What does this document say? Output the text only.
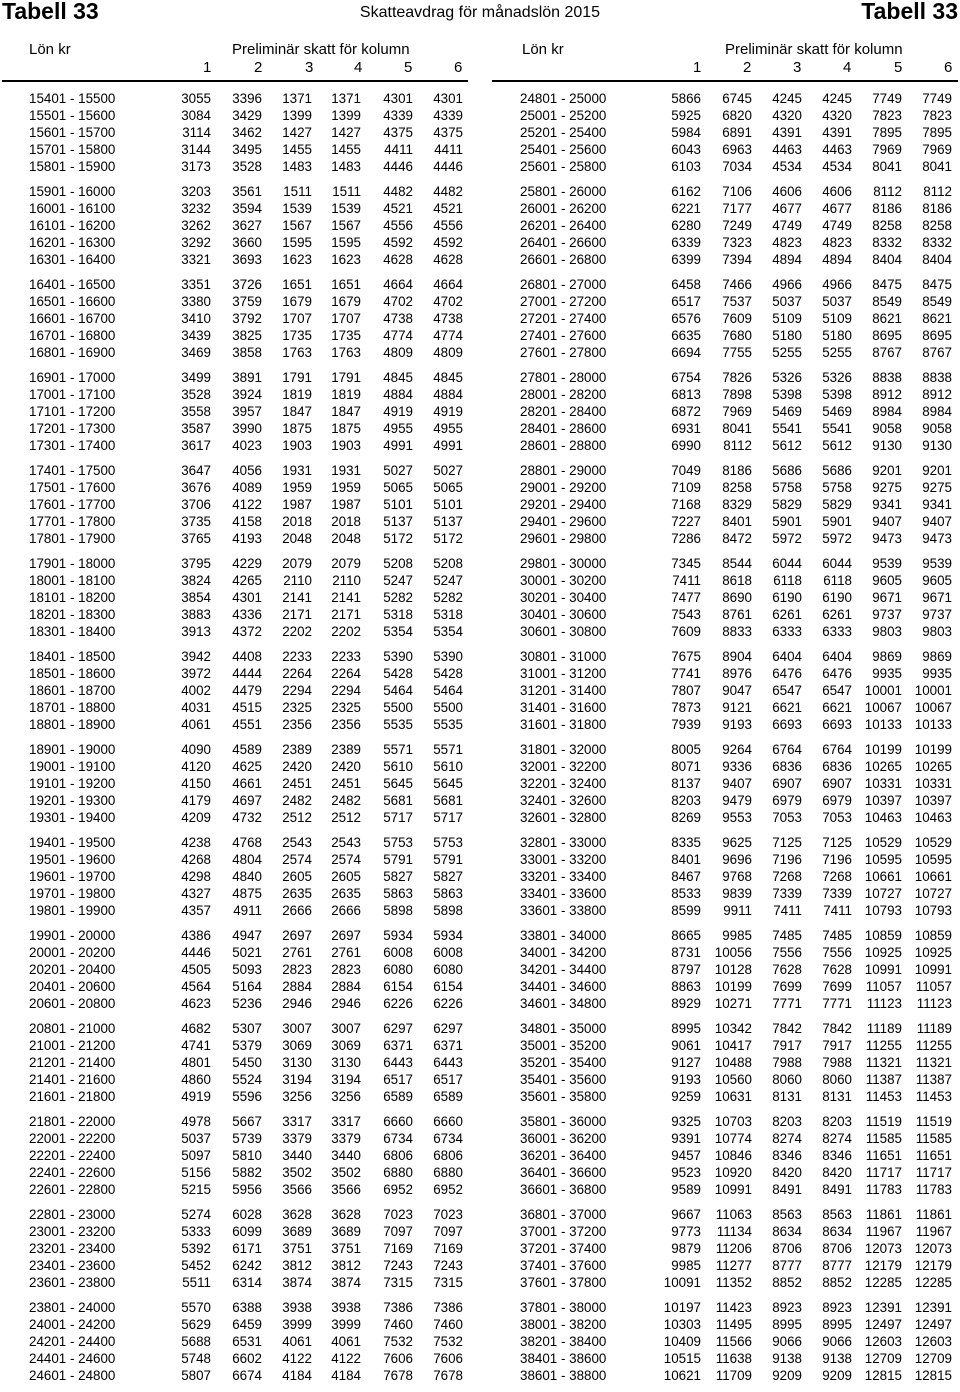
Tabell 33	Skatteavdrag för månadslön 2015	Tabell 33
Lön kr	Preliminär skatt för kolumn
1	2	3	4	5	6
Lön kr	Preliminär skatt för kolumn
1	2	3	4	5	6
15401 - 15500	3055 3396 1371 1371 4301 4301
15501 - 15600	3084 3429 1399 1399 4339 4339
15601 - 15700	3114 3462 1427 1427 4375 4375
15701 - 15800	3144 3495 1455 1455 4411 4411
15801 - 15900	3173 3528 1483 1483 4446 4446
15901 - 16000	3203 3561 1511 1511 4482 4482
16001 - 16100	3232 3594 1539 1539 4521 4521
16101 - 16200	3262 3627 1567 1567 4556 4556
16201 - 16300	3292 3660 1595 1595 4592 4592
16301 - 16400	3321 3693 1623 1623 4628 4628
16401 - 16500	3351 3726 1651 1651 4664 4664
16501 - 16600	3380 3759 1679 1679 4702 4702
16601 - 16700	3410 3792 1707 1707 4738 4738
16701 - 16800	3439 3825 1735 1735 4774 4774
16801 - 16900	3469 3858 1763 1763 4809 4809
16901 - 17000	3499 3891 1791 1791 4845 4845
17001 - 17100	3528 3924 1819 1819 4884 4884
17101 - 17200	3558 3957 1847 1847 4919 4919
17201 - 17300	3587 3990 1875 1875 4955 4955
17301 - 17400	3617 4023 1903 1903 4991 4991
17401 - 17500	3647 4056 1931 1931 5027 5027
17501 - 17600	3676 4089 1959 1959 5065 5065
17601 - 17700	3706 4122 1987 1987 5101 5101
17701 - 17800	3735 4158 2018 2018 5137 5137
17801 - 17900	3765 4193 2048 2048 5172 5172
17901 - 18000	3795 4229 2079 2079 5208 5208
18001 - 18100	3824 4265 2110 2110 5247 5247
18101 - 18200	3854 4301 2141 2141 5282 5282
18201 - 18300	3883 4336 2171 2171 5318 5318
18301 - 18400	3913 4372 2202 2202 5354 5354
18401 - 18500	3942 4408 2233 2233 5390 5390
18501 - 18600	3972 4444 2264 2264 5428 5428
18601 - 18700	4002 4479 2294 2294 5464 5464
18701 - 18800	4031 4515 2325 2325 5500 5500
18801 - 18900	4061 4551 2356 2356 5535 5535
18901 - 19000	4090 4589 2389 2389 5571 5571
19001 - 19100	4120 4625 2420 2420 5610 5610
19101 - 19200	4150 4661 2451 2451 5645 5645
19201 - 19300	4179 4697 2482 2482 5681 5681
19301 - 19400	4209 4732 2512 2512 5717 5717
19401 - 19500	4238 4768 2543 2543 5753 5753
19501 - 19600	4268 4804 2574 2574 5791 5791
19601 - 19700	4298 4840 2605 2605 5827 5827
19701 - 19800	4327 4875 2635 2635 5863 5863
19801 - 19900	4357 4911 2666 2666 5898 5898
19901 - 20000	4386 4947 2697 2697 5934 5934
20001 - 20200	4446 5021 2761 2761 6008 6008
20201 - 20400	4505 5093 2823 2823 6080 6080
20401 - 20600	4564 5164 2884 2884 6154 6154
20601 - 20800	4623 5236 2946 2946 6226 6226
20801 - 21000	4682 5307 3007 3007 6297 6297
21001 - 21200	4741 5379 3069 3069 6371 6371
21201 - 21400	4801 5450 3130 3130 6443 6443
21401 - 21600	4860 5524 3194 3194 6517 6517
21601 - 21800	4919 5596 3256 3256 6589 6589
21801 - 22000	4978 5667 3317 3317 6660 6660
22001 - 22200	5037 5739 3379 3379 6734 6734
22201 - 22400	5097 5810 3440 3440 6806 6806
22401 - 22600	5156 5882 3502 3502 6880 6880
22601 - 22800	5215 5956 3566 3566 6952 6952
22801 - 23000	5274 6028 3628 3628 7023 7023
23001 - 23200	5333 6099 3689 3689 7097 7097
23201 - 23400	5392 6171 3751 3751 7169 7169
23401 - 23600	5452 6242 3812 3812 7243 7243
23601 - 23800	5511 6314 3874 3874 7315 7315
23801 - 24000	5570 6388 3938 3938 7386 7386
24001 - 24200	5629 6459 3999 3999 7460 7460
24201 - 24400	5688 6531 4061 4061 7532 7532
24401 - 24600	5748 6602 4122 4122 7606 7606
24601 - 24800	5807 6674 4184 4184 7678 7678
24801 - 25000	5866 6745 4245 4245 7749 7749
25001 - 25200	5925 6820 4320 4320 7823 7823
25201 - 25400	5984 6891 4391 4391 7895 7895
25401 - 25600	6043 6963 4463 4463 7969 7969
25601 - 25800	6103 7034 4534 4534 8041 8041
25801 - 26000	6162 7106 4606 4606 8112 8112
26001 - 26200	6221 7177 4677 4677 8186 8186
26201 - 26400	6280 7249 4749 4749 8258 8258
26401 - 26600	6339 7323 4823 4823 8332 8332
26601 - 26800	6399 7394 4894 4894 8404 8404
26801 - 27000	6458 7466 4966 4966 8475 8475
27001 - 27200	6517 7537 5037 5037 8549 8549
27201 - 27400	6576 7609 5109 5109 8621 8621
27401 - 27600	6635 7680 5180 5180 8695 8695
27601 - 27800	6694 7755 5255 5255 8767 8767
27801 - 28000	6754 7826 5326 5326 8838 8838
28001 - 28200	6813 7898 5398 5398 8912 8912
28201 - 28400	6872 7969 5469 5469 8984 8984
28401 - 28600	6931 8041 5541 5541 9058 9058
28601 - 28800	6990 8112 5612 5612 9130 9130
28801 - 29000	7049 8186 5686 5686 9201 9201
29001 - 29200	7109 8258 5758 5758 9275 9275
29201 - 29400	7168 8329 5829 5829 9341 9341
29401 - 29600	7227 8401 5901 5901 9407 9407
29601 - 29800	7286 8472 5972 5972 9473 9473
29801 - 30000	7345 8544 6044 6044 9539 9539
30001 - 30200	7411 8618 6118 6118 9605 9605
30201 - 30400	7477 8690 6190 6190 9671 9671
30401 - 30600	7543 8761 6261 6261 9737 9737
30601 - 30800	7609 8833 6333 6333 9803 9803
30801 - 31000	7675 8904 6404 6404 9869 9869
31001 - 31200	7741 8976 6476 6476 9935 9935
31201 - 31400	7807 9047 6547 6547 10001 10001
31401 - 31600	7873 9121 6621 6621 10067 10067
31601 - 31800	7939 9193 6693 6693 10133 10133
31801 - 32000	8005 9264 6764 6764 10199 10199
32001 - 32200	8071 9336 6836 6836 10265 10265
32201 - 32400	8137 9407 6907 6907 10331 10331
32401 - 32600	8203 9479 6979 6979 10397 10397
32601 - 32800	8269 9553 7053 7053 10463 10463
32801 - 33000	8335 9625 7125 7125 10529 10529
33001 - 33200	8401 9696 7196 7196 10595 10595
33201 - 33400	8467 9768 7268 7268 10661 10661
33401 - 33600	8533 9839 7339 7339 10727 10727
33601 - 33800	8599 9911 7411 7411 10793 10793
33801 - 34000	8665 9985 7485 7485 10859 10859
34001 - 34200	8731 10056 7556 7556 10925 10925
34201 - 34400	8797 10128 7628 7628 10991 10991
34401 - 34600	8863 10199 7699 7699 11057 11057
34601 - 34800	8929 10271 7771 7771 11123 11123
34801 - 35000	8995 10342 7842 7842 11189 11189
35001 - 35200	9061 10417 7917 7917 11255 11255
35201 - 35400	9127 10488 7988 7988 11321 11321
35401 - 35600	9193 10560 8060 8060 11387 11387
35601 - 35800	9259 10631 8131 8131 11453 11453
35801 - 36000	9325 10703 8203 8203 11519 11519
36001 - 36200	9391 10774 8274 8274 11585 11585
36201 - 36400	9457 10846 8346 8346 11651 11651
36401 - 36600	9523 10920 8420 8420 11717 11717
36601 - 36800	9589 10991 8491 8491 11783 11783
36801 - 37000	9667 11063 8563 8563 11861 11861
37001 - 37200	9773 11134 8634 8634 11967 11967
37201 - 37400	9879 11206 8706 8706 12073 12073
37401 - 37600	9985 11277 8777 8777 12179 12179
37601 - 37800	10091 11352 8852 8852 12285 12285
37801 - 38000	10197 11423 8923 8923 12391 12391
38001 - 38200	10303 11495 8995 8995 12497 12497
38201 - 38400	10409 11566 9066 9066 12603 12603
38401 - 38600	10515 11638 9138 9138 12709 12709
38601 - 38800	10621 11709 9209 9209 12815 12815
